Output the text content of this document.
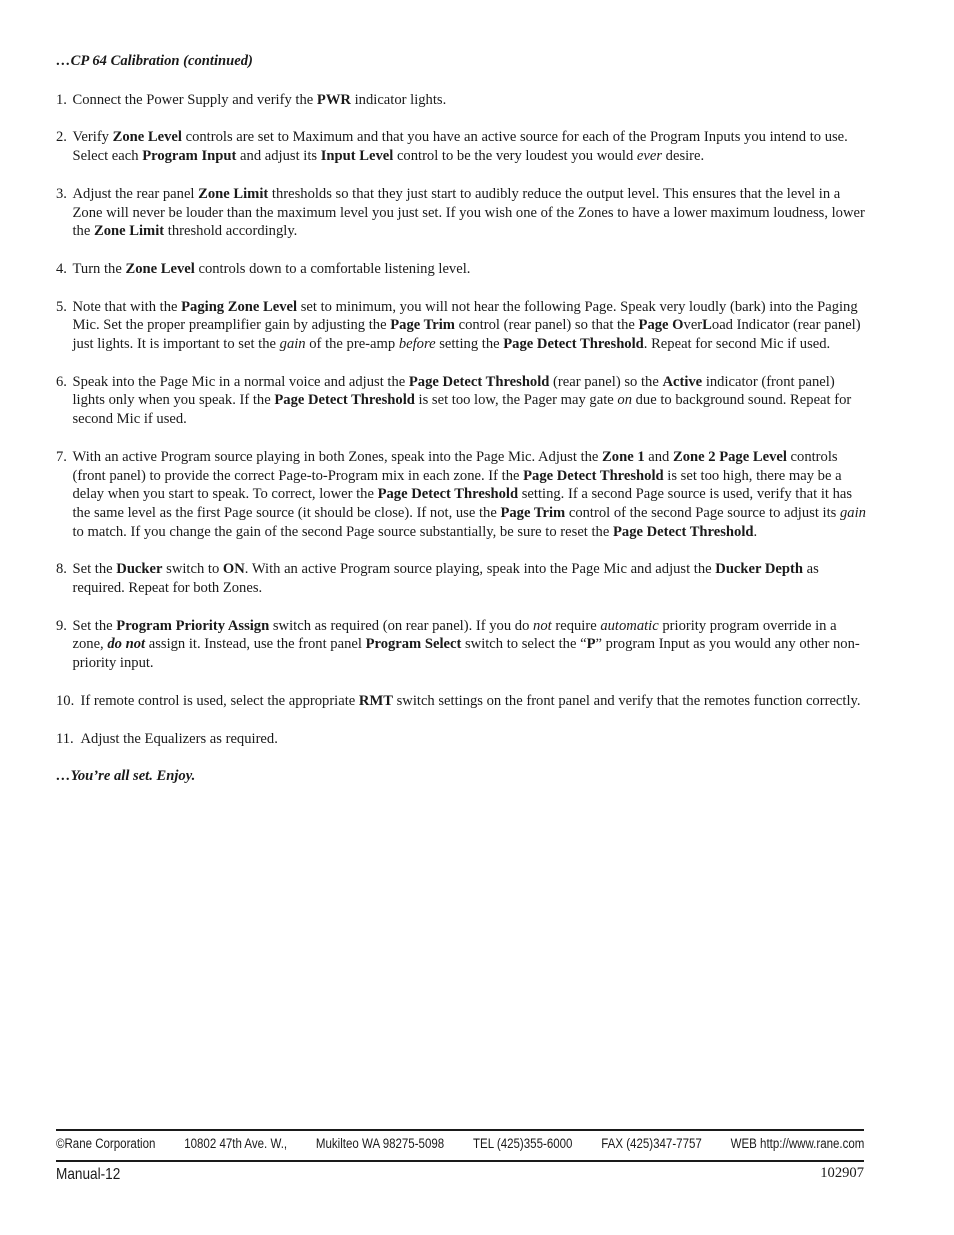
…CP 64 Calibration (continued)
1. Connect the Power Supply and verify the PWR indicator lights.
2. Verify Zone Level controls are set to Maximum and that you have an active source for each of the Program Inputs you intend to use. Select each Program Input and adjust its Input Level control to be the very loudest you would ever desire.
3. Adjust the rear panel Zone Limit thresholds so that they just start to audibly reduce the output level. This ensures that the level in a Zone will never be louder than the maximum level you just set. If you wish one of the Zones to have a lower maximum loudness, lower the Zone Limit threshold accordingly.
4. Turn the Zone Level controls down to a comfortable listening level.
5. Note that with the Paging Zone Level set to minimum, you will not hear the following Page. Speak very loudly (bark) into the Paging Mic. Set the proper preamplifier gain by adjusting the Page Trim control (rear panel) so that the Page OverLoad Indicator (rear panel) just lights. It is important to set the gain of the pre-amp before setting the Page Detect Threshold. Repeat for second Mic if used.
6. Speak into the Page Mic in a normal voice and adjust the Page Detect Threshold (rear panel) so the Active indicator (front panel) lights only when you speak. If the Page Detect Threshold is set too low, the Pager may gate on due to background sound. Repeat for second Mic if used.
7. With an active Program source playing in both Zones, speak into the Page Mic. Adjust the Zone 1 and Zone 2 Page Level controls (front panel) to provide the correct Page-to-Program mix in each zone. If the Page Detect Threshold is set too high, there may be a delay when you start to speak. To correct, lower the Page Detect Threshold setting. If a second Page source is used, verify that it has the same level as the first Page source (it should be close). If not, use the Page Trim control of the second Page source to adjust its gain to match. If you change the gain of the second Page source substantially, be sure to reset the Page Detect Threshold.
8. Set the Ducker switch to ON. With an active Program source playing, speak into the Page Mic and adjust the Ducker Depth as required. Repeat for both Zones.
9. Set the Program Priority Assign switch as required (on rear panel). If you do not require automatic priority program override in a zone, do not assign it. Instead, use the front panel Program Select switch to select the “P” program Input as you would any other non-priority input.
10. If remote control is used, select the appropriate RMT switch settings on the front panel and verify that the remotes function correctly.
11. Adjust the Equalizers as required.
…You’re all set. Enjoy.
©Rane Corporation 10802 47th Ave. W., Mukilteo WA 98275-5098 TEL (425)355-6000 FAX (425)347-7757 WEB http://www.rane.com
Manual-12	102907
